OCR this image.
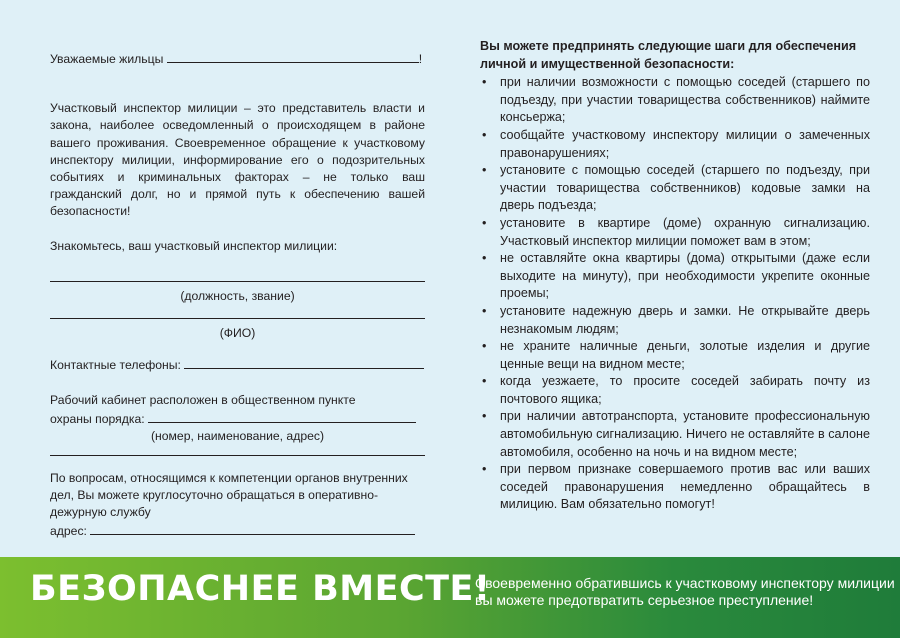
Уважаемые жильцы	!

Участковый инспектор милиции – это представитель власти и закона, наиболее осведомленный о происходящем в районе вашего проживания. Своевременное обращение к участковому инспектору милиции, информирование его о подозрительных событиях и криминальных факторах – не только ваш гражданский долг, но и прямой путь к обеспечению вашей безопасности!

Знакомьтесь, ваш участковый инспектор милиции:

(должность, звание)
(ФИО)
Контактные телефоны:
Рабочий кабинет расположен в общественном пункте
охраны порядка:
(номер, наименование, адрес)
По вопросам, относящимся к компетенции органов внутренних
дел, Вы можете круглосуточно обращаться в оперативно-
дежурную службу
адрес:

Вы можете предпринять следующие шаги для обеспечения личной и имущественной безопасности:

• при наличии возможности с помощью соседей (старшего по подъезду, при участии товарищества собственников) наймите консьержа;
• сообщайте участковому инспектору милиции о замеченных правонарушениях;
• установите с помощью соседей (старшего по подъезду, при участии товарищества собственников) кодовые замки на дверь подъезда;
• установите в квартире (доме) охранную сигнализацию. Участковый инспектор милиции поможет вам в этом;
• не оставляйте окна квартиры (дома) открытыми (даже если выходите на минуту), при необходимости укрепите оконные проемы;
• установите надежную дверь и замки. Не открывайте дверь незнакомым людям;
• не храните наличные деньги, золотые изделия и другие ценные вещи на видном месте;
• когда уезжаете, то просите соседей забирать почту из почтового ящика;
• при наличии автотранспорта, установите профессиональную автомобильную сигнализацию. Ничего не оставляйте в салоне автомобиля, особенно на ночь и на видном месте;
• при первом признаке совершаемого против вас или ваших соседей правонарушения немедленно обращайтесь в милицию. Вам обязательно помогут!
БЕЗОПАСНЕЕ ВМЕСТЕ!
Своевременно обратившись к участковому инспектору милиции вы можете предотвратить серьезное преступление!
